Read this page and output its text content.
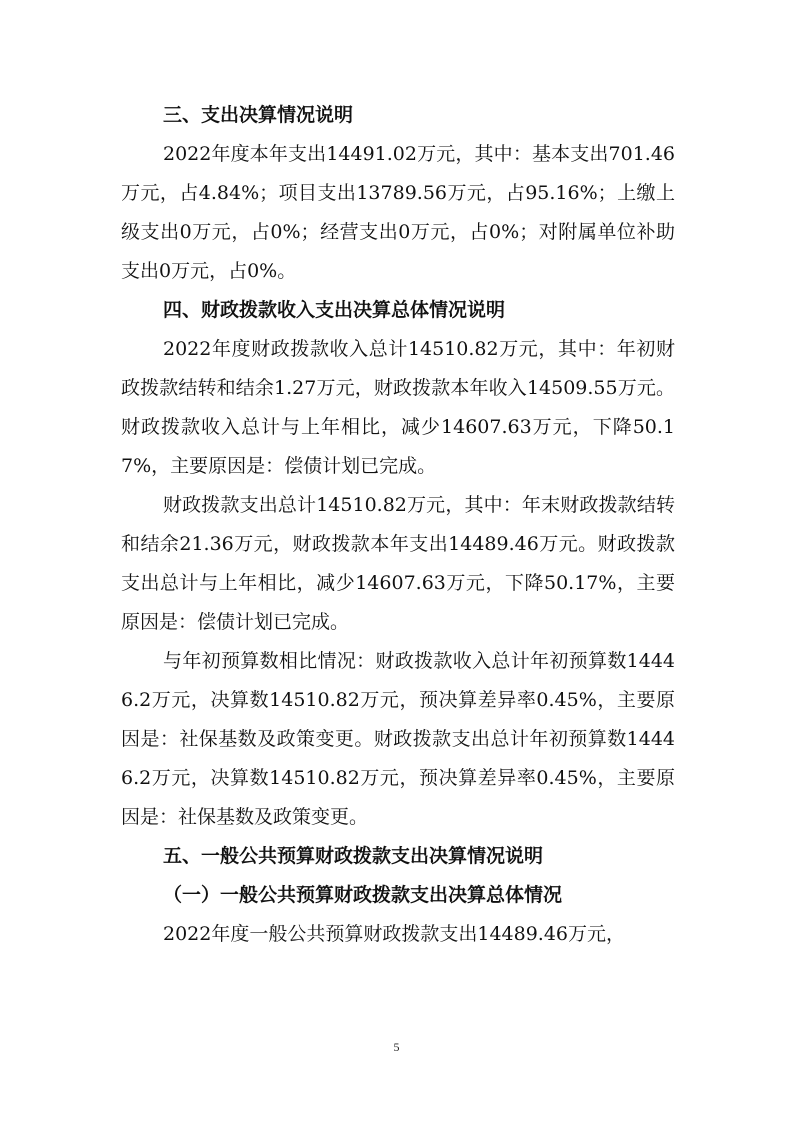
三、支出决算情况说明

2022年度本年支出14491.02万元，其中：基本支出701.46万元，占4.84%；项目支出13789.56万元，占95.16%；上缴上级支出0万元，占0%；经营支出0万元，占0%；对附属单位补助支出0万元，占0%。

四、财政拨款收入支出决算总体情况说明

2022年度财政拨款收入总计14510.82万元，其中：年初财政拨款结转和结余1.27万元，财政拨款本年收入14509.55万元。财政拨款收入总计与上年相比，减少14607.63万元，下降50.17%，主要原因是：偿债计划已完成。

财政拨款支出总计14510.82万元，其中：年末财政拨款结转和结余21.36万元，财政拨款本年支出14489.46万元。财政拨款支出总计与上年相比，减少14607.63万元，下降50.17%，主要原因是：偿债计划已完成。

与年初预算数相比情况：财政拨款收入总计年初预算数14446.2万元，决算数14510.82万元，预决算差异率0.45%，主要原因是：社保基数及政策变更。财政拨款支出总计年初预算数14446.2万元，决算数14510.82万元，预决算差异率0.45%，主要原因是：社保基数及政策变更。

五、一般公共预算财政拨款支出决算情况说明
（一）一般公共预算财政拨款支出决算总体情况

2022年度一般公共预算财政拨款支出14489.46万元，

5
